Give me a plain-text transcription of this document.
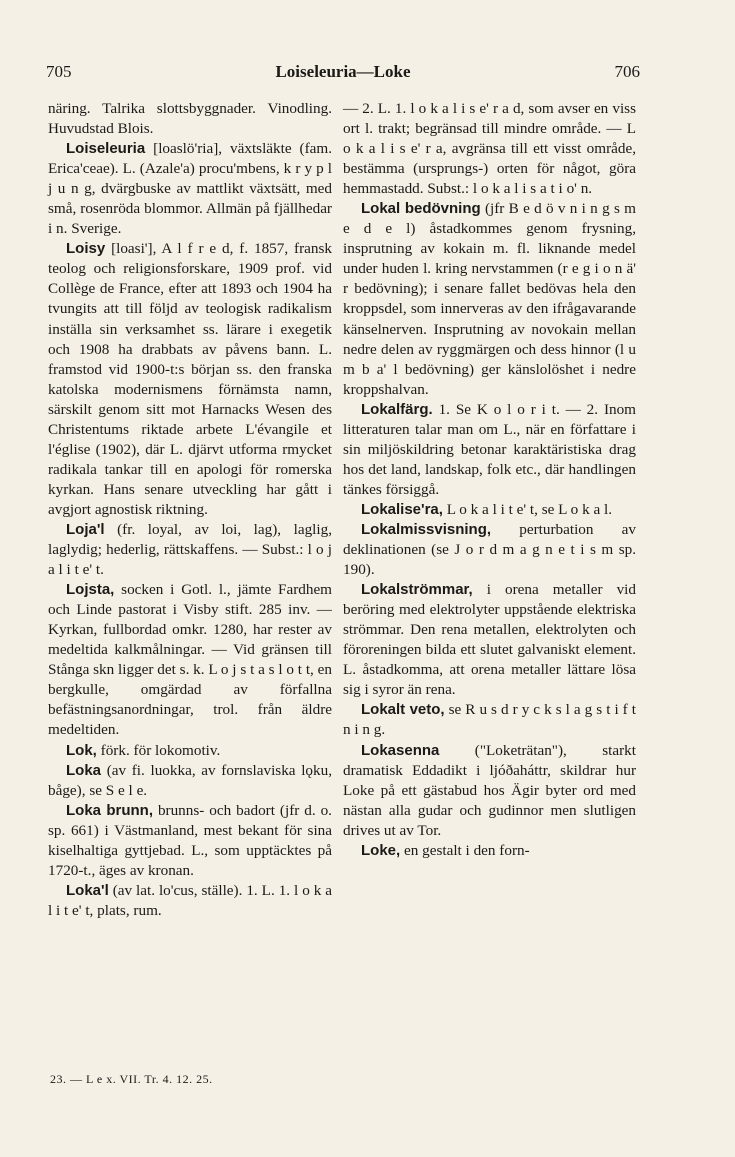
705	Loiseleuria—Loke	706

näring. Talrika slottsbyggnader. Vinodling. Huvudstad Blois.

Loiseleuria [loaslö'ria], växtsläkte (fam. Erica'ceae). L. (Azale'a) procu'mbens, k r y p l j u n g, dvärgbuske av mattlikt växtsätt, med små, rosenröda blommor. Allmän på fjällhedar i n. Sverige.

Loisy [loasi'], A l f r e d, f. 1857, fransk teolog och religionsforskare, 1909 prof. vid Collège de France, efter att 1893 och 1904 ha tvungits att till följd av teologisk radikalism inställa sin verksamhet ss. lärare i exegetik och 1908 ha drabbats av påvens bann. L. framstod vid 1900-t:s början ss. den franska katolska modernismens förnämsta namn, särskilt genom sitt mot Harnacks Wesen des Christentums riktade arbete L'évangile et l'église (1902), där L. djärvt utforma rmycket radikala tankar till en apologi för romerska kyrkan. Hans senare utveckling har gått i avgjort agnostisk riktning.

Loja'l (fr. loyal, av loi, lag), laglig, laglydig; hederlig, rättskaffens. — Subst.: l o j a l i t e' t.

Lojsta, socken i Gotl. l., jämte Fardhem och Linde pastorat i Visby stift. 285 inv. — Kyrkan, fullbordad omkr. 1280, har rester av medeltida kalkmålningar. — Vid gränsen till Stånga skn ligger det s. k. L o j s t a s l o t t, en bergkulle, omgärdad av förfallna befästningsanordningar, trol. från äldre medeltiden.

Lok, förk. för lokomotiv.

Loka (av fi. luokka, av fornslaviska lǫku, båge), se S e l e.

Loka brunn, brunns- och badort (jfr d. o. sp. 661) i Västmanland, mest bekant för sina kiselhaltiga gyttjebad. L., som upptäcktes på 1720-t., äges av kronan.

Loka'l (av lat. lo'cus, ställe). 1. L. 1. l o k a l i t e' t, plats, rum.

— 2. L. 1. l o k a l i s e' r a d, som avser en viss ort l. trakt; begränsad till mindre område. — L o k a l i s e' r a, avgränsa till ett visst område, bestämma (ursprungs-) orten för något, göra hemmastadd. Subst.: l o k a l i s a t i o' n.

Lokal bedövning (jfr B e d ö v n i n g s m e d e l) åstadkommes genom frysning, insprutning av kokain m. fl. liknande medel under huden l. kring nervstammen (r e g i o n ä' r bedövning); i senare fallet bedövas hela den kroppsdel, som innerveras av den ifrågavarande känselnerven. Insprutning av novokain mellan nedre delen av ryggmärgen och dess hinnor (l u m b a' l bedövning) ger känslolöshet i nedre kroppshalvan.

Lokalfärg. 1. Se K o l o r i t. — 2. Inom litteraturen talar man om L., när en författare i sin miljöskildring betonar karaktäristiska drag hos det land, landskap, folk etc., där handlingen tänkes försiggå.

Lokalise'ra, L o k a l i t e' t, se L o k a l.

Lokalmissvisning, perturbation av deklinationen (se J o r d m a g n e t i s m sp. 190).

Lokalströmmar, i orena metaller vid beröring med elektrolyter uppstående elektriska strömmar. Den rena metallen, elektrolyten och föroreningen bilda ett slutet galvaniskt element. L. åstadkomma, att orena metaller lättare lösa sig i syror än rena.

Lokalt veto, se R u s d r y c k s l a g s t i f t n i n g.

Lokasenna ("Loketrätan"), starkt dramatisk Eddadikt i ljóðaháttr, skildrar hur Loke på ett gästabud hos Ägir byter ord med nästan alla gudar och gudinnor men slutligen drives ut av Tor.

Loke, en gestalt i den forn-

23. — L e x. VII. Tr. 4. 12. 25.
